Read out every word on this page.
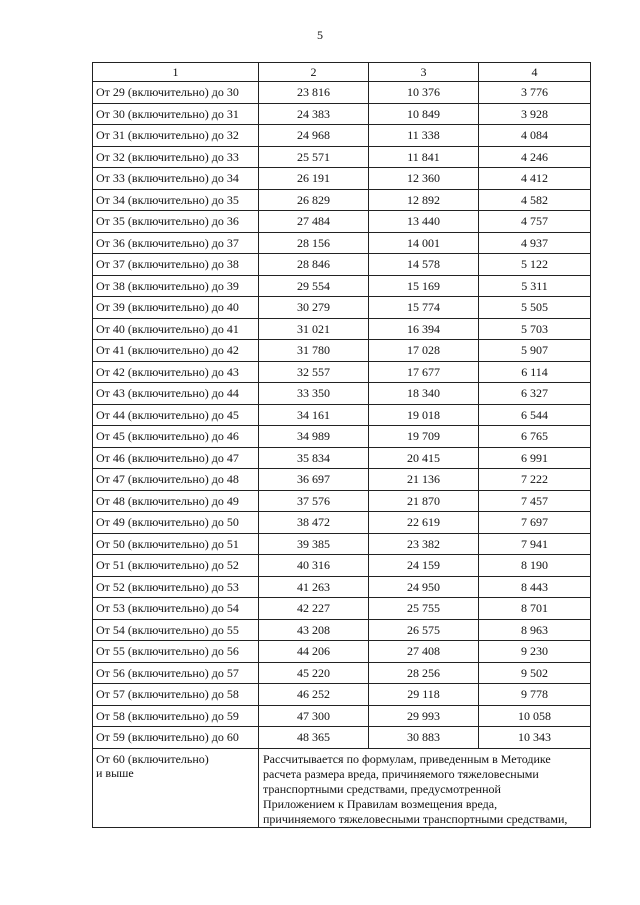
5
1	2	3	4
От 29 (включительно) до 30	23 816	10 376	3 776
От 30 (включительно) до 31	24 383	10 849	3 928
От 31 (включительно) до 32	24 968	11 338	4 084
От 32 (включительно) до 33	25 571	11 841	4 246
От 33 (включительно) до 34	26 191	12 360	4 412
От 34 (включительно) до 35	26 829	12 892	4 582
От 35 (включительно) до 36	27 484	13 440	4 757
От 36 (включительно) до 37	28 156	14 001	4 937
От 37 (включительно) до 38	28 846	14 578	5 122
От 38 (включительно) до 39	29 554	15 169	5 311
От 39 (включительно) до 40	30 279	15 774	5 505
От 40 (включительно) до 41	31 021	16 394	5 703
От 41 (включительно) до 42	31 780	17 028	5 907
От 42 (включительно) до 43	32 557	17 677	6 114
От 43 (включительно) до 44	33 350	18 340	6 327
От 44 (включительно) до 45	34 161	19 018	6 544
От 45 (включительно) до 46	34 989	19 709	6 765
От 46 (включительно) до 47	35 834	20 415	6 991
От 47 (включительно) до 48	36 697	21 136	7 222
От 48 (включительно) до 49	37 576	21 870	7 457
От 49 (включительно) до 50	38 472	22 619	7 697
От 50 (включительно) до 51	39 385	23 382	7 941
От 51 (включительно) до 52	40 316	24 159	8 190
От 52 (включительно) до 53	41 263	24 950	8 443
От 53 (включительно) до 54	42 227	25 755	8 701
От 54 (включительно) до 55	43 208	26 575	8 963
От 55 (включительно) до 56	44 206	27 408	9 230
От 56 (включительно) до 57	45 220	28 256	9 502
От 57 (включительно) до 58	46 252	29 118	9 778
От 58 (включительно) до 59	47 300	29 993	10 058
От 59 (включительно) до 60	48 365	30 883	10 343

От 60 (включительно)
и выше	Рассчитывается по формулам, приведенным в Методике
расчета размера вреда, причиняемого тяжеловесными
транспортными средствами, предусмотренной
Приложением к Правилам возмещения вреда,
причиняемого тяжеловесными транспортными средствами,		
